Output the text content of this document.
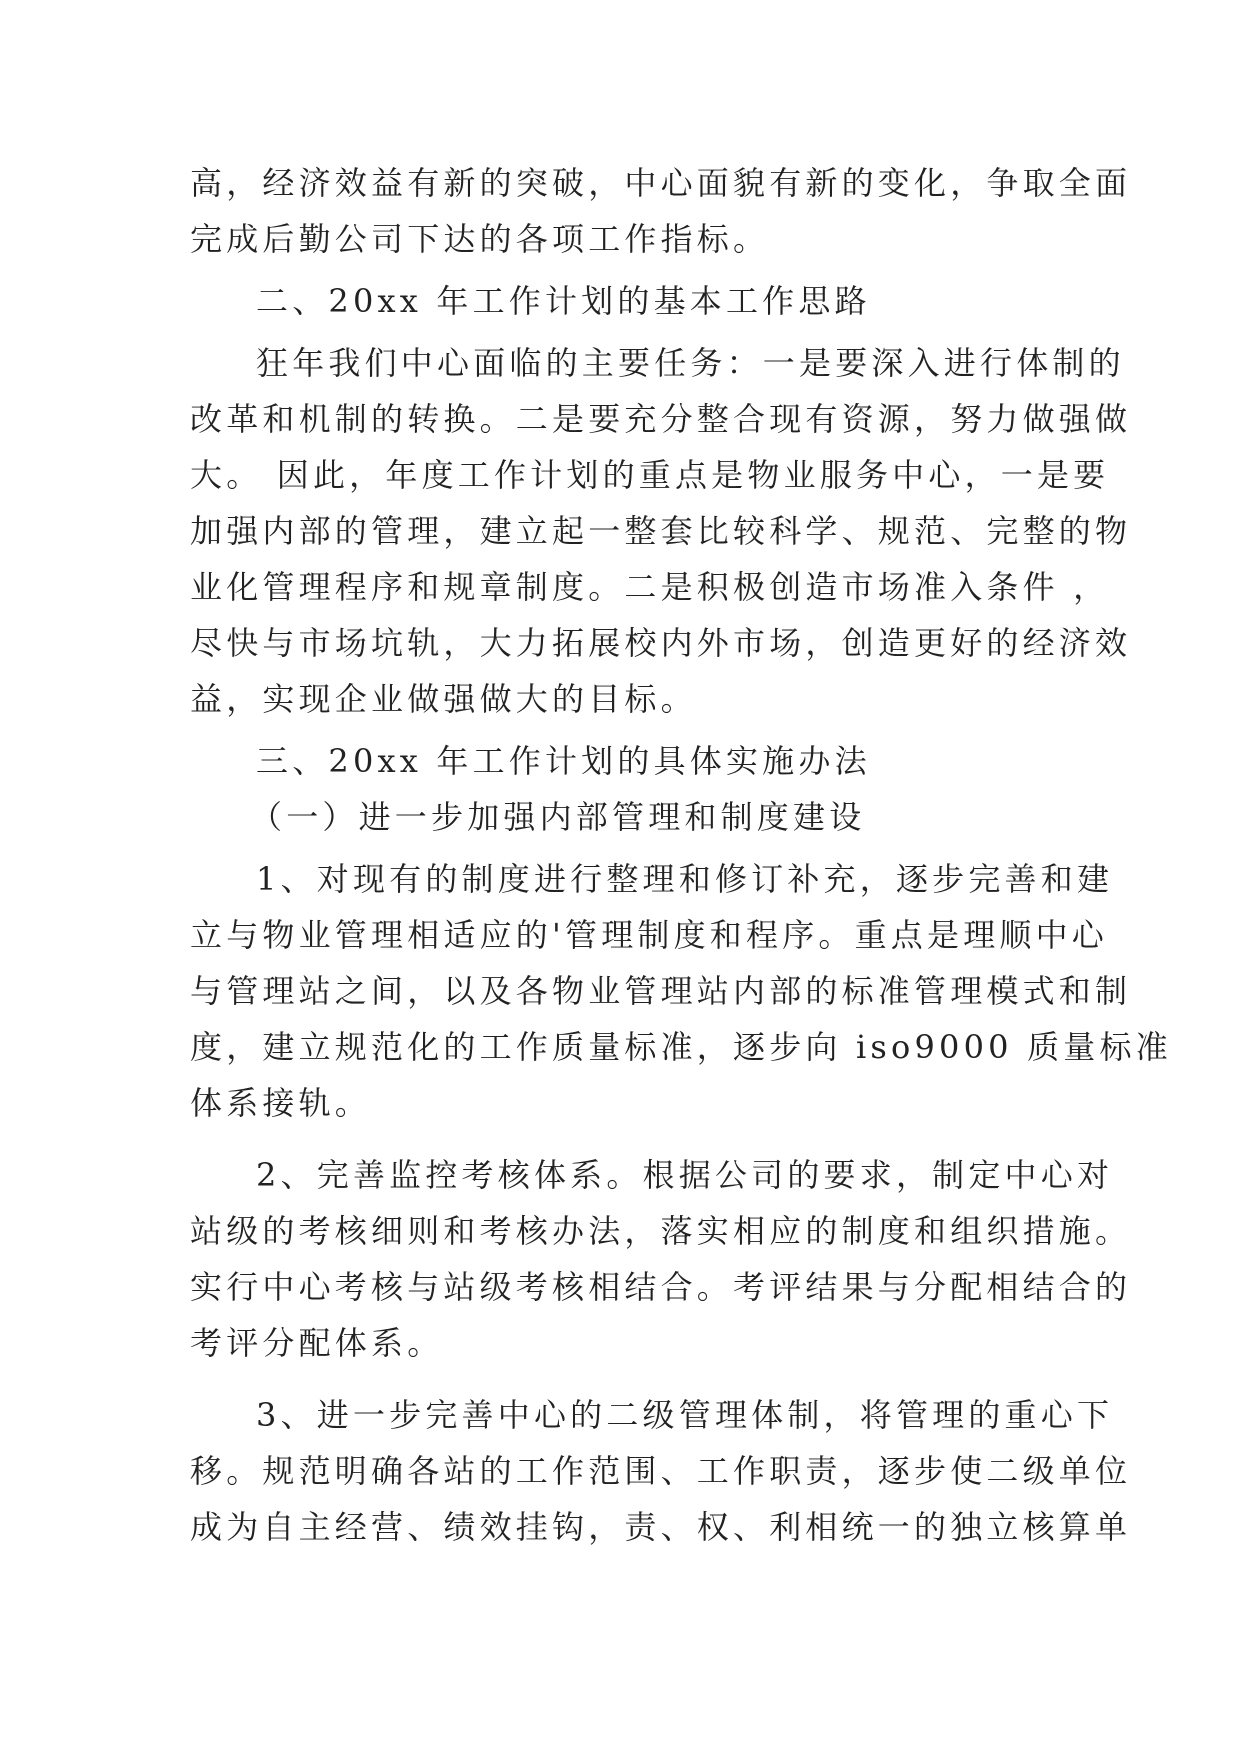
高，经济效益有新的突破，中心面貌有新的变化，争取全面
完成后勤公司下达的各项工作指标。
二、20xx 年工作计划的基本工作思路
狂年我们中心面临的主要任务：一是要深入进行体制的
改革和机制的转换。二是要充分整合现有资源，努力做强做
大。 因此，年度工作计划的重点是物业服务中心，一是要
加强内部的管理，建立起一整套比较科学、规范、完整的物
业化管理程序和规章制度。二是积极创造市场准入条件 ，
尽快与市场坑轨，大力拓展校内外市场，创造更好的经济效
益，实现企业做强做大的目标。
三、20xx 年工作计划的具体实施办法
（一）进一步加强内部管理和制度建设
1、对现有的制度进行整理和修订补充，逐步完善和建
立与物业管理相适应的'管理制度和程序。重点是理顺中心
与管理站之间，以及各物业管理站内部的标准管理模式和制
度，建立规范化的工作质量标准，逐步向 iso9000 质量标准
体系接轨。
2、完善监控考核体系。根据公司的要求，制定中心对
站级的考核细则和考核办法，落实相应的制度和组织措施。
实行中心考核与站级考核相结合。考评结果与分配相结合的
考评分配体系。
3、进一步完善中心的二级管理体制，将管理的重心下
移。规范明确各站的工作范围、工作职责，逐步使二级单位
成为自主经营、绩效挂钩，责、权、利相统一的独立核算单
